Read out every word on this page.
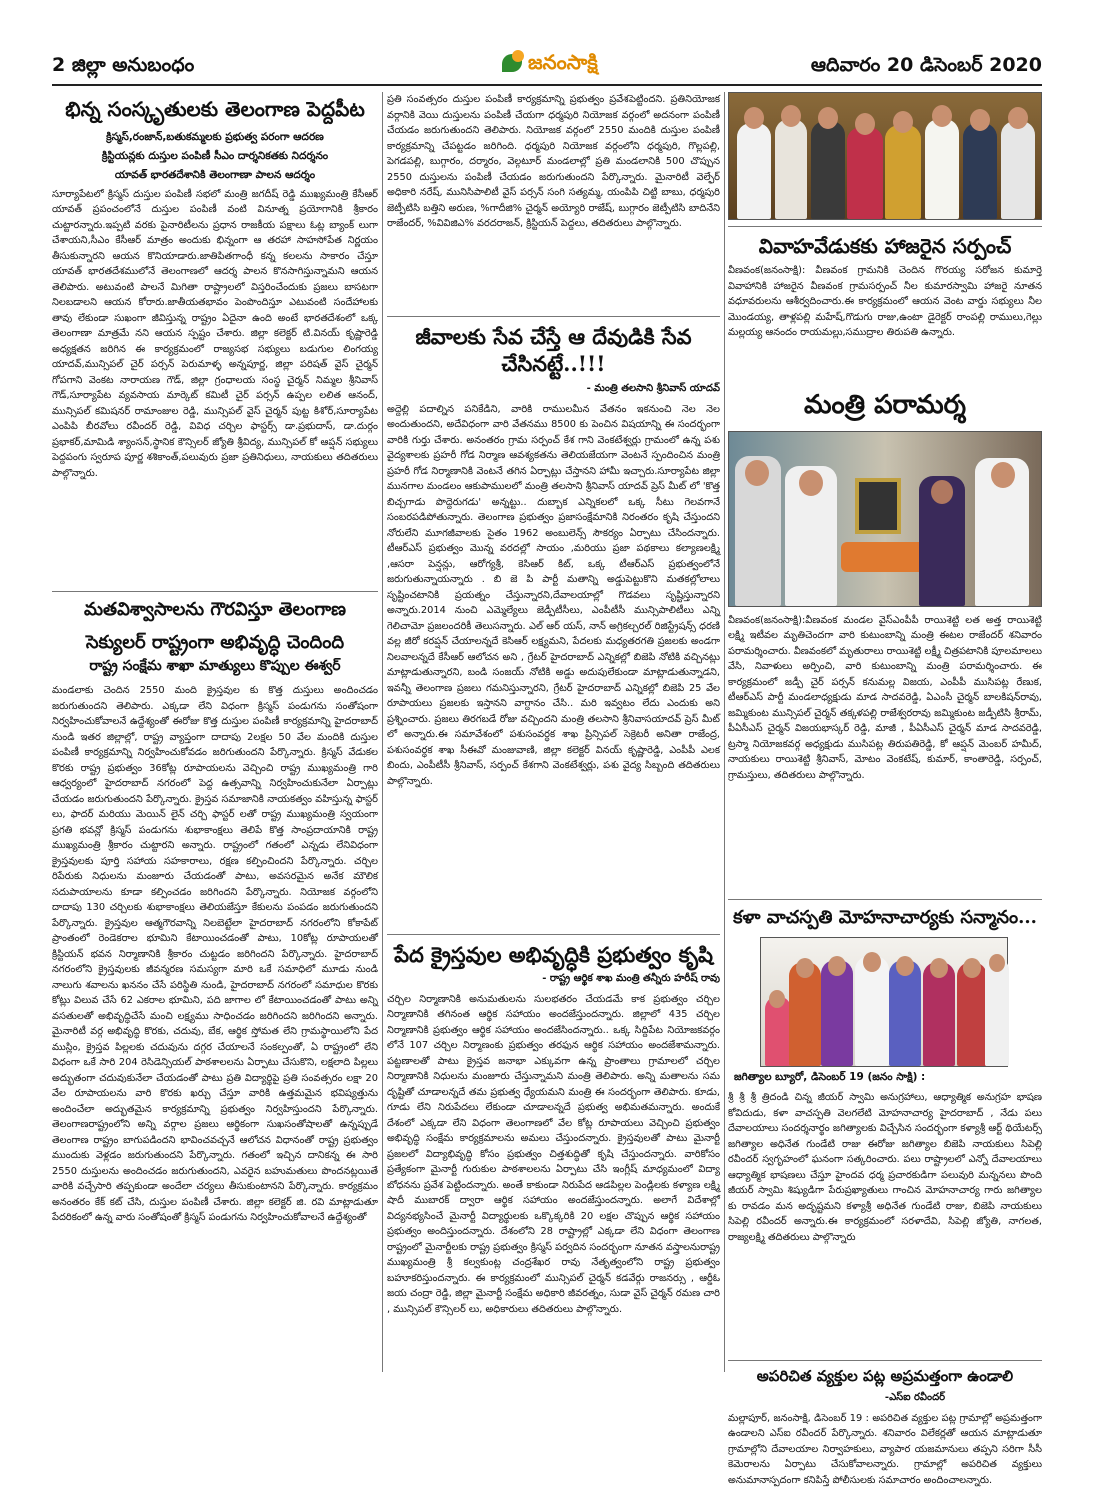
2 జిల్లా అనుబంధం	జనంసాక్షి	ఆదివారం 20 డిసెంబర్ 2020
భిన్న సంస్కృతులకు తెలంగాణ పెద్దపీట
క్రిస్మస్,రంజాన్,బతుకమ్మలకు ప్రభుత్వ పరంగా ఆదరణ
క్రిస్టియన్లకు దుస్తుల పంపిణీ సీఎం దార్శనికతకు నిదర్శనం
యావత్ భారతదేశానికి తెలంగాణా పాలన ఆదర్శం
సూర్యాపేటలో క్రిస్మస్ దుస్తుల పంపిణీ సభలో మంత్రి జగదీష్ రెడ్డి ముఖ్యమంత్రి కేసీఆర్ యావత్ ప్రపంచంలోనే దుస్తుల పంపిణీ వంటి వినూత్న ప్రయోగానికి శ్రీకారం చుట్టారన్నారు.ఇప్పటి వరకు పైనారిటీలను ప్రధాన రాజకీయ పక్షాలు ఓట్ల బ్యాంక్ లుగా చేశాయని,సీఎం కేసీఆర్ మాత్రం అందుకు భిన్నంగా ఆ తరహా సాహసోపేత నిర్ణయం తీసుకున్నారని ఆయన కొనియాడారు.జాతిపితగాంధీ కన్న కలలను సాకారం చేస్తూ యావత్ భారతదేశములోనే తెలంగాణలో ఆదర్శ పాలన కొనసాగిస్తున్నామని ఆయన తెలిపారు. అటువంటి పాలనే మిగితా రాష్ట్రాలలో విస్తరించేందుకు ప్రజలు బాసటగా నిలబడాలని ఆయన కోరారు.జాతీయతభావం పెంపొందిస్తూ ఎటువంటి సందేహాలకు తావు లేకుండా సుఖంగా జీవిస్తున్న రాష్ట్రం ఏదైనా ఉంది అంటే భారతదేశంలో ఒక్క తెలంగాణా మాత్రమే నని ఆయన స్పష్టం చేశారు. జిల్లా కలెక్టర్ టి.వినయ్ కృష్ణారెడ్డి అధ్యక్షతన జరిగిన ఈ కార్యక్రమంలో రాజ్యసభ సభ్యులు బడుగుల లింగయ్య యాదవ్,మున్సిపల్ చైర్ పర్సన్ పెరుమాళ్ళ అన్నపూర్ణ, జిల్లా పరిషత్ వైస్ చైర్మన్ గోపగాని వెంకట నారాయణ గౌడ్, జిల్లా గ్రంధాలయ సంస్థ చైర్మన్ నిమ్మల శ్రీనివాస్ గౌడ్,సూర్యాపేట వ్యవసాయ మార్కెట్ కమిటీ చైర్ పర్సన్ ఉప్పల లలిత ఆనంద్, మున్సిపల్ కమిషనర్ రామాంజుల రెడ్డి, మున్సిపల్ వైస్ చైర్మన్ పుట్ట కిశోర్,సూర్యాపేట ఎంపిపి బీరవోలు రవీందర్ రెడ్డి, వివిధ చర్చిల ఫాస్టర్స్ డా.ప్రభుదాస్, డా.దుర్గం ప్రభాకర్,మామిడి శ్యాంసన్,స్థానిక కౌన్సిలర్ జ్యోతి శ్రీవిద్య, మున్సిపల్ కో ఆప్షన్ సభ్యులు పెద్దపంగు స్వరూప పూర్ణ శశికాంత్,పలువురు ప్రజా ప్రతినిధులు, నాయకులు తదితరులు పాల్గొన్నారు.
మతవిశ్వాసాలను గౌరవిస్తూ తెలంగాణ
సెక్యులర్ రాష్ట్రంగా అభివృద్ధి చెందింది
రాష్ట్ర సంక్షేమ శాఖా మాత్యులు కొప్పుల ఈశ్వర్
మండలాకు చెందిన 2550 మంది క్రైస్తవుల కు కొత్త దుస్తులు అందించడం జరుగుతుందని తెలిపారు. ఎక్కడా లేని విధంగా క్రిస్మస్ పండుగను సంతోషంగా నిర్వహించుకోవాలనే ఉద్దేశ్యంతో ఈరోజు కొత్త దుస్తుల పంపిణీ కార్యక్రమాన్ని హైదరాబాద్ నుండి ఇతర జిల్లాల్లో, రాష్ట్ర వ్యాప్తంగా దాదాపు 2లక్షల 50 వేల మందికి దుస్తుల పంపిణీ కార్యక్రమాన్ని నిర్వహించుకోవడం జరిగుతుందని పేర్కొన్నారు. క్రిస్మస్ వేడుకల కొరకు రాష్ట్ర ప్రభుత్వం 36కోట్ల రూపాయలను వెచ్చించి రాష్ట్ర ముఖ్యమంత్రి గారి ఆధ్వర్యంలో హైదరాబాద్ నగరంలో పెద్ద ఉత్సవాన్ని నిర్వహించుకునేలా ఏర్పాట్లు చేయడం జరుగుతుందని పేర్కొన్నారు. క్రైస్తవ సమాజానికి నాయకత్వం వహిస్తున్న ఫాస్టర్ లు, ఫాదర్ మరియు మెయిన్ లైన్ చర్చి ఫాస్టర్ లతో రాష్ట్ర ముఖ్యమంత్రి స్వయంగా ప్రగతి భవన్లో క్రిస్మస్ పండుగను శుభాకాంక్షలు తెలిపే కొత్త సాంప్రదాయానికి రాష్ట్ర ముఖ్యమంత్రి శ్రీకారం చుట్టారని అన్నారు. రాష్ట్రంలో గతంలో ఎన్నడు లేనివిధంగా క్రైస్తవులకు పూర్తి సహాయ సహకారాలు, రక్షణ కల్పించిందని పేర్కొన్నారు. చర్చిల రిపేరుకు నిధులను మంజూరు చేయడంతో పాటు, అవసరమైన అనేక మౌలిక సదుపాయాలను కూడా కల్పించడం జరిగిందని పేర్కొన్నారు. నియోజక వర్గంలోని దాదాపు 130 చర్చిలకు శుభాకాంక్షలు తెలియజేస్తూ కేకులను పంపడం జరుగుతుందని పేర్కొన్నారు. క్రైస్తవుల ఆత్మగౌరవాన్ని నిలబెట్టేలా హైదరాబాద్ నగరంలోని కోకాపేట్ ప్రాంతంలో రెండెకరాల భూమిని కేటాయించడంతో పాటు, 10కోట్ల రూపాయలతో క్రిస్టియన్ భవన నిర్మాణానికి శ్రీకారం చుట్టడం జరిగిందని పేర్కొన్నారు. హైదరాబాద్ నగరంలోని క్రైస్తవులకు జీవన్మరణ సమస్యగా మారి ఒకే సమాధిలో మూడు నుండి నాలుగు శవాలను ఖననం చేసే పరిస్థితి నుండి, హైదరాబాద్ నగరంలో సమాధుల కొరకు కోట్లు విలువ చేసే 62 ఎకరాల భూమిని, పది జాగాల లో కేటాయించడంతో పాటు అన్ని వసతులతో అభివృద్ధిచేసే మంచి లక్ష్యము సాధించడం జరిగిందని జరిగిందని అన్నారు. మైనారిటీ వర్గ అభివృద్ధి కొరకు, చదువు, బేక, ఆర్థిక స్తోమత లేని గ్రామస్థాయిలోని పేద ముస్లిం, క్రైస్తవ పిల్లలకు చదువును దగ్గర చేయాలనే సంకల్పంతో, ఏ రాష్ట్రంలో లేని విధంగా ఒకే సారి 204 రెసిడెన్సియల్ పాఠశాలలను ఏర్పాటు చేసుకొని, లక్షలాది పిల్లలు అద్భుతంగా చదువుకునేలా చేయడంతో పాటు ప్రతి విద్యార్థిపై ప్రతి సంవత్సరం లక్షా 20 వేల రూపాయలను వారి కొరకు ఖర్చు చేస్తూ వారికి ఉత్తమమైన భవిష్యత్తును అందించేలా అద్భుతమైన కార్యక్రమాన్ని ప్రభుత్వం నిర్వహిస్తుందని పేర్కొన్నారు. తెలంగాణరాష్ట్రంలోని అన్ని వర్గాల ప్రజలు ఆర్థికంగా సుఖసంతోషాలతో ఉన్నప్పుడే తెలంగాణ రాష్ట్రం బాగుపడిందని భావించవచ్చనే ఆలోచన విధానంతో రాష్ట్ర ప్రభుత్వం ముందుకు వెళ్లడం జరుగుతుందని పేర్కొన్నారు. గతంలో ఇచ్చిన దానికన్న ఈ సారి 2550 దుస్తులను అందించడం జరుగుతుందని, ఎవరైన బహుమతులు పొందనట్లయితే వారికి వచ్చేసారి తప్పకుండా అందేలా చర్యలు తీసుకుంటానని పేర్కొన్నారు. కార్యక్రమం అనంతరం కేక్ కట్ చేసి, దుస్తుల పంపిణీ చేశారు. జిల్లా కలెక్టర్ జి. రవి మాట్లాడుతూ పేదరికంలో ఉన్న వారు సంతోషంతో క్రిస్మస్ పండుగను నిర్వహించుకోవాలనే ఉద్దేశ్యంతో
ప్రతి సంవత్సరం దుస్తుల పంపిణీ కార్యక్రమాన్ని ప్రభుత్వం ప్రవేశపెట్టిందని. ప్రతినియోజక వర్గానికి వెయి దుస్తులను పంపిణీ చేయగా ధర్మపురి నియోజక వర్గంలో అదనంగా పంపిణీ చేయడం జరుగుతుందని తెలిపారు. నియోజక వర్గంలో 2550 మందికి దుస్తుల పంపిణీ కార్యక్రమాన్ని చేపట్టడం జరిగింది. ధర్మపురి నియోజక వర్గంలోని ధర్మపురి, గొల్లపల్లి, పెగడపల్లి, బుగ్గారం, దర్మారం, వెల్గటూర్ మండలాల్లో ప్రతి మండలానికి 500 చొప్పున 2550 దుస్తులను పంపిణీ చేయడం జరుగుతుందని పేర్కొన్నారు. మైనారిటీ వెల్ఫేర్ అధికారి నరేష్, మునిసిపాలిటీ వైస్ పర్సన్ సంగి సత్యమ్మ, యంపిపి చిట్టి బాబు, ధర్మపురి జెట్పీటిసి బత్తిని అరుణ, %గాదీజి% చైర్మన్ అయ్యోరి రాజేష్, బుగ్గారం జెట్పీటిసి బాదినేని రాజేందర్, %వివిజిఎ% వరదరాజన్, క్రిస్టియన్ పెద్దలు, తదితరులు పాల్గొన్నారు.
జీవాలకు సేవ చేస్తే ఆ దేవుడికి సేవ చేసినట్టే..!!!
- మంత్రి తలసాని శ్రీనివాస్ యాదవ్
అద్దెల్లి పదాల్నిన పనికేడిని, వారికి రాములమీన వేతనం ఇకనుంచి నెల నెల అందుతుందని, అదేవిధంగా వారి వేతనము 8500 కు పెంచిన విషయాన్ని ఈ సందర్భంగా వారికి గుర్తు చేశారు. అనంతరం గ్రామ సర్పంచ్ కేశ గాని వెంకటేశ్వర్లు గ్రామంలో ఉన్న పశు వైద్యశాలకు ప్రహరీ గోడ నిర్మాణ ఆవశ్యకతను తెలియజేయగా వెంటనే స్పందించిన మంత్రి ప్రహరీ గోడ నిర్మాణానికి వెంటనే తగిన ఏర్పాట్లు చేస్తానని హామీ ఇచ్చారు.సూర్యాపేట జిల్లా మునగాల మండలం ఆకుపాములలో మంత్రి తలసాని శ్రీనివాస్ యాదవ్ ప్రెస్ మీట్ లో 'కొత్త బిచ్చగాడు పొద్దెరుగడు' అన్నట్టు.. దుబ్బాక ఎన్నికలలో ఒక్క సీటు గెలవగానే సంబరపడిపోతున్నారు. తెలంగాణ ప్రభుత్వం ప్రజాసంక్షేమానికి నిరంతరం కృషి చేస్తుందని నోరులేని మూగజీవాలకు సైతం 1962 అంబులెన్స్ సౌకర్యం ఏర్పాటు చేసిందన్నారు. టీఆర్ఎస్ ప్రభుత్వం మొన్న వరదల్లో సాయం ,మరియు ప్రజా పథకాలు కల్యాణలక్ష్మి ,ఆసరా పెన్షన్లు, ఆరోగ్యశ్రీ, కెసిఆర్ కిట్, ఒక్క టీఆర్ఎస్ ప్రభుత్వంలోనే జరుగుతున్నాయన్నారు . బి జె పి పార్టీ మతాన్ని అడ్డుపెట్టుకొని మతకల్లోలాలు సృష్టించటానికి ప్రయత్నం చేస్తున్నారని,దేవాలయాల్లో గొడవలు సృష్టిస్తున్నారని అన్నారు.2014 నుంచి ఎమ్మెల్యేలు జెడ్పీటీసీలు, ఎంపీటీసీ మున్సిపాలిటీలు ఎన్ని గెలిచామో ప్రజలందరికీ తెలుసన్నారు. ఎల్ ఆర్ యస్, నాన్ అగ్రికల్చరల్ రిజిస్ట్రేషన్స్ ధరణి వల్ల జీరో కరప్షన్ చేయాలన్నదే కెసిఆర్ లక్ష్యమని, పేదలకు మధ్యతరగతి ప్రజలకు అండగా నిలవాలన్నదే కేసీఆర్ ఆలోచన అని , గ్రేటర్ హైదరాబాద్ ఎన్నికల్లో బిజెపి నోటికి వచ్చినట్లు మాట్లాడుతున్నారని, బండి సంజయ్ నోటికి అడ్డు అదుపులేకుండా మాట్లాడుతున్నాడని, ఇవన్నీ తెలంగాణ ప్రజలు గమనిస్తున్నారని, గ్రేటర్ హైదరాబాద్ ఎన్నికల్లో బిజెపి 25 వేల రూపాయలు ప్రజలకు ఇస్తానని వాగ్దానం చేసి.. మరి ఇవ్వటం లేదు ఎందుకు అని ప్రశ్నించారు. ప్రజలు తిరగబడే రోజు వచ్చిందని మంత్రి తలసాని శ్రీనివాసయాదవ్ ప్రెస్ మీట్ లో అన్నారు.ఈ సమావేశంలో పశుసంవర్ధక శాఖ ప్రిన్సిపల్ సెక్రెటరీ అనితా రాజేంద్ర, పశుసంవర్ధక శాఖ సీఈవో మంజువాణి, జిల్లా కలెక్టర్ వినయ్ కృష్ణారెడ్డి, ఎంపీపీ ఎలక బిందు, ఎంపీటీసీ శ్రీనివాస్, సర్పంచ్ కేశగాని వెంకటేశ్వర్లు, పశు వైద్య సిబ్బంది తదితరులు పాల్గొన్నారు.
పేద క్రైస్తవుల అభివృద్ధికి ప్రభుత్వం కృషి
- రాష్ట్ర ఆర్థిక శాఖ మంత్రి తన్నీరు హరీష్ రావు
చర్చిల నిర్మాణానికి అనుమతులను సులభతరం చేయడమే కాక ప్రభుత్వం చర్చిల నిర్మాణానికి తగినంత ఆర్థిక సహాయం అందజేస్తుందన్నారు. జిల్లాలో 435 చర్చిల నిర్మాణానికి ప్రభుత్వం ఆర్థిక సహాయం అందజేసిందన్నారు.. ఒక్క సిద్దిపేట నియోజకవర్గం లోనే 107 చర్చిల నిర్మాణంకు ప్రభుత్వం తరఫున ఆర్థిక సహాయం అందజేశామన్నారు. పట్టణాలతో పాటు క్రైస్తవ జనాభా ఎక్కువగా ఉన్న ప్రాంతాలు గ్రామాలలో చర్చిల నిర్మాణానికి నిధులను మంజూరు చేస్తున్నామని మంత్రి తెలిపారు. అన్ని మతాలను సమ దృష్టితో చూడాలన్నదే తమ ప్రభుత్వ ధ్యేయమని మంత్రి ఈ సందర్భంగా తెలిపారు. కూడు, గూడు లేని నిరుపేదలు లేకుండా చూడాలన్నదే ప్రభుత్వ అభిమతమన్నారు. అందుకే దేశంలో ఎక్కడా లేని విధంగా తెలంగాణలో వేల కోట్ల రూపాయలు వెచ్చించి ప్రభుత్వం అభివృద్ధి సంక్షేమ కార్యక్రమాలను అమలు చేస్తుందన్నారు. క్రైస్తవులతో పాటు మైనార్టీ ప్రజలలో విద్యాభివృద్ధి కోసం ప్రభుత్వం చిత్తశుద్ధితో కృషి చేస్తుందన్నారు. వారికోసం ప్రత్యేకంగా మైనార్టీ గురుకుల పాఠశాలలను ఏర్పాటు చేసి ఇంగ్లీష్ మాధ్యమంలో విద్యా బోధనను ప్రవేశ పెట్టిందన్నారు. అంతే కాకుండా నిరుపేద ఆడపిల్లల పెండ్లిలకు కళ్యాణ లక్ష్మి షాదీ ముబారక్ ద్వారా ఆర్థిక సహాయం అందజేస్తుందన్నారు. అలాగే విదేశాల్లో విద్యనభ్యసించే మైనార్టీ విద్యార్థులకు ఒక్కొక్కరికి 20 లక్షల చొప్పున ఆర్థిక సహాయం ప్రభుత్వం అందిస్తుందన్నారు. దేశంలోని 28 రాష్ట్రాల్లో ఎక్కడా లేని విధంగా తెలంగాణ రాష్ట్రంలో మైనార్టీలకు రాష్ట్ర ప్రభుత్వం క్రిస్మస్ పర్వదిన సందర్భంగా నూతన వస్త్రాలనురాష్ట్ర ముఖ్యమంత్రి శ్రీ కల్వకుంట్ల చంద్రశేఖర రావు నేతృత్వంలోని రాష్ట్ర ప్రభుత్వం బహూకరిస్తుందన్నారు. ఈ కార్యక్రమంలో మున్సిపల్ చైర్మన్ కడవేర్గు రాజనర్సు , ఆర్డీఓ జయ చంద్రా రెడ్డి, జిల్లా మైనార్టీ సంక్షేమ అధికారి జీవరత్నం, సుడా వైస్ చైర్మన్ రమణ చారి , మున్సిపల్ కౌన్సిలర్ లు, అధికారులు తదితరులు పాల్గొన్నారు.
వివాహవేడుకకు హాజరైన సర్పంచ్
వీణవంక(జనంసాక్షి): వీణవంక గ్రామనికి చెందిన గొరయ్య సరోజన కుమార్తె వివాహానికి హాజరైన వీణవంక గ్రామసర్పంచ్ నీల కుమారస్వామి హాజరై నూతన వధూవరులను ఆశీర్వదించారు.ఈ కార్యక్రమంలో ఆయన వెంట వార్డు సభ్యులు నీల మొండయ్య, తాళ్లపల్లి మహేష్,గొడుగు రాజు,ఉంటా డైరెక్టర్ రాంపల్లి రాములు,గెల్లు మల్లయ్య ఆనందం రాయమల్లు,సముద్రాల తిరుపతి ఉన్నారు.
మంత్రి పరామర్శ
వీణవంక(జనంసాక్షి):వీణవంక మండల వైస్ఎంపీపీ రాయిశెట్టి లత అత్త రాయిశెట్టి లక్ష్మి ఇటీవల మృతిచెందగా వారి కుటుంబాన్ని మంత్రి ఈటల రాజేందర్ శనివారం పరామర్శించారు. వీణవంకలో మృతురాలు రాయిశెట్టి లక్ష్మీ చిత్రపటానికి పూలమాలలు వేసి, నివాళులు అర్పించి, వారి కుటుంబాన్ని మంత్రి పరామర్శించారు. ఈ కార్యక్రమంలో జడ్పీ చైర్ పర్సన్ కనుమల్ల విజయ, ఎంపీపీ ముసిపట్ల రేణుక, టీఆర్ఎస్ పార్టీ మండలాధ్యక్షుడు మాడ సాదవరెడ్డి, ఏఎంసీ చైర్మన్ బాలకిషన్‌రావు, జమ్మికుంట మున్సిపల్ చైర్మన్ తక్కళపల్లి రాజేశ్వరరావు జమ్మికుంట జడ్పీటిసి శ్రీరామ్, పీఏసీఎస్ చైర్మన్ విజయభాస్కర్ రెడ్డి, మాజీ , పీఏసీఎస్ చైర్మన్ మాడ సాదవరెడ్డి, ట్రస్మా నియోజకవర్గ అధ్యక్షుడు ముసిపట్ల తిరుపతిరెడ్డి, కో ఆప్షన్ మెంబర్ హమీద్, నాయకులు రాయిశెట్టి శ్రీనివాస్, మోటం వెంకటేష్, కుమార్, కాంతారెడ్డి, సర్పంచ్, గ్రామస్తులు, తదితరులు పాల్గొన్నారు.
కళా వాచస్పతి మోహనాచార్యకు సన్మానం...
జగిత్యాల బ్యూరో, డిసెంబర్ 19 (జనం సాక్షి) :
శ్రీ శ్రీ శ్రీ త్రిదండి చిన్న జీయర్ స్వామి అనుగ్రహాలు, ఆధ్యాత్మిక అనుగ్రహ భాషణ కోవిదుడు, కళా వాచస్పతి వెలగలేటి మోహనాచార్య హైదరాబాద్ , నేడు పలు దేవాలయాలు సందర్శనార్థం జగిత్యాలకు విచ్చేసిన సందర్భంగా కళ్యాశ్రీ ఆర్ట్ థియేటర్స్ జగిత్యాల అధినేత గుండేటి రాజు ఈరోజు జగిత్యాల బిజెపి నాయకులు సిపెల్లి రవీందర్ స్వగృహంలో ఘనంగా సత్కరించారు. పలు రాష్ట్రాలలో ఎన్నో దేవాలయాలు ఆధ్యాత్మిక భాషణలు చేస్తూ హైందవ ధర్మ ప్రచారకుడిగా పలువురి మన్ననలు పొంది జీయర్ స్వామి శిష్యుడిగా పేరుప్రఖ్యాతులు గాంచిన మోహనాచార్య గారు జగిత్యాల కు రావడం మన అదృష్టమని కళ్యాశ్రీ అధినేత గుండేటి రాజు, బిజెపి నాయకులు సిపెల్లి రవీందర్ అన్నారు.ఈ కార్యక్రమంలో సరళాదేవి, సిపెల్లి జ్యోతి, నాగలత, రాజ్యలక్ష్మి తదితరులు పాల్గొన్నారు
అపరిచిత వ్యక్తుల పట్ల అప్రమత్తంగా ఉండాలి
-ఎస్ఐ రవీందర్
మల్లాపూర్, జనంసాక్షి, డిసెంబర్ 19 : అపరిచిత వ్యక్తుల పట్ల గ్రామాల్లో అప్రమత్తంగా ఉండాలని ఎస్ఐ రవీందర్ పేర్కొన్నారు. శనివారం విలేకర్లతో ఆయన మాట్లాడుతూ గ్రామాల్లోని దేవాలయాల నిర్వాహకులు, వ్యాపార యజమానులు తప్పని సరిగా సీసీ కెమెరాలను ఏర్పాటు చేసుకోవాలన్నారు. గ్రామాల్లో అపరిచిత వ్యక్తులు అనుమానాస్పదంగా కనిపిస్తే పోలీసులకు సమాచారం అందించాలన్నారు.
